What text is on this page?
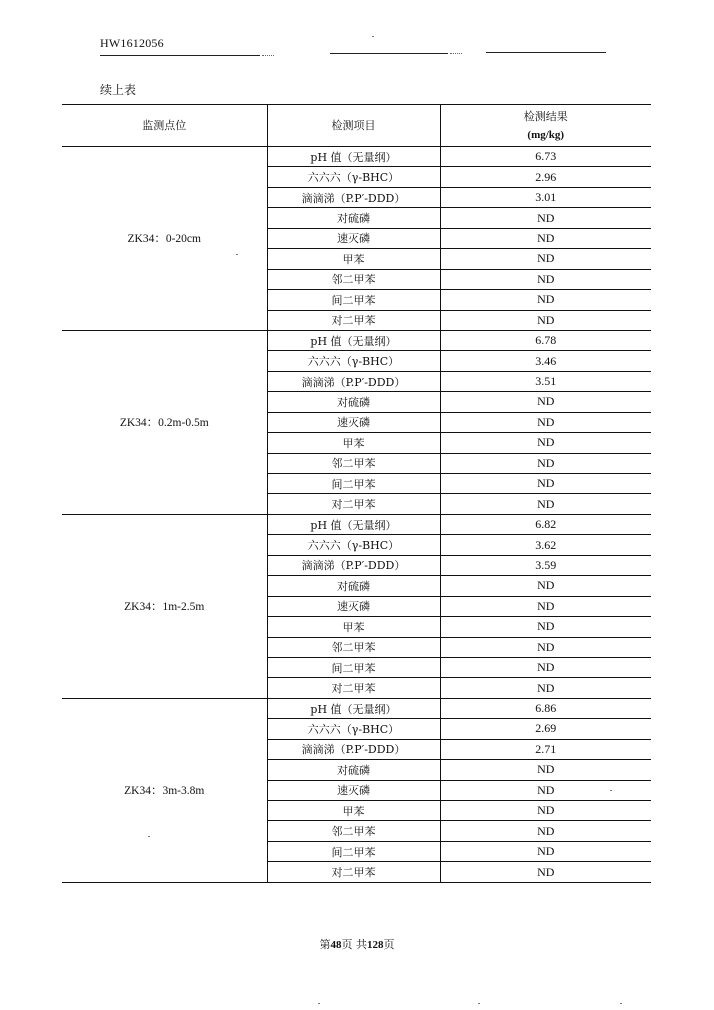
HW1612056
续上表
监测点位	检测项目	检测结果
(mg/kg)

ZK34：0-20cm	pH 值（无量纲）	6.73
	六六六（γ-BHC）	2.96
	滴滴涕（P.P′-DDD）	3.01
	对硫磷	ND
	速灭磷	ND
	甲苯	ND
	邻二甲苯	ND
	间二甲苯	ND
	对二甲苯	ND
ZK34：0.2m-0.5m	pH 值（无量纲）	6.78
	六六六（γ-BHC）	3.46
	滴滴涕（P.P′-DDD）	3.51
	对硫磷	ND
	速灭磷	ND
	甲苯	ND
	邻二甲苯	ND
	间二甲苯	ND
	对二甲苯	ND
ZK34：1m-2.5m	pH 值（无量纲）	6.82
	六六六（γ-BHC）	3.62
	滴滴涕（P.P′-DDD）	3.59
	对硫磷	ND
	速灭磷	ND
	甲苯	ND
	邻二甲苯	ND
	间二甲苯	ND
	对二甲苯	ND
ZK34：3m-3.8m	pH 值（无量纲）	6.86
	六六六（γ-BHC）	2.69
	滴滴涕（P.P′-DDD）	2.71
	对硫磷	ND
	速灭磷	ND
	甲苯	ND
	邻二甲苯	ND
	间二甲苯	ND
	对二甲苯	ND
第48页 共128页
